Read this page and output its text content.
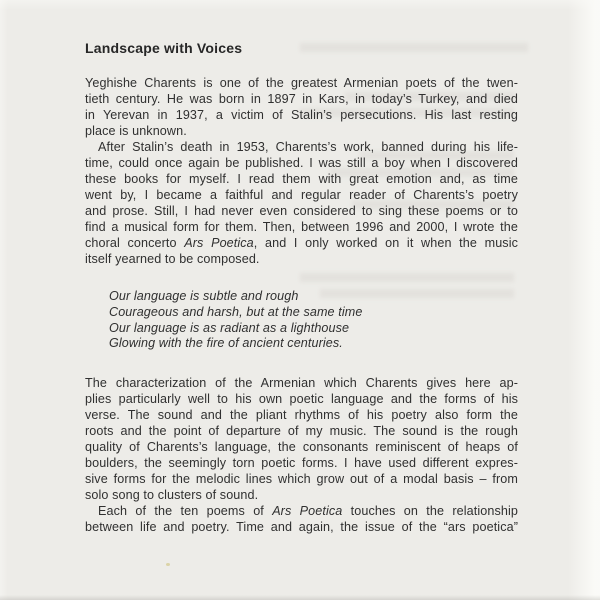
Landscape with Voices
Yeghishe Charents is one of the greatest Armenian poets of the twen-
tieth century. He was born in 1897 in Kars, in today’s Turkey, and died
in Yerevan in 1937, a victim of Stalin’s persecutions. His last resting
place is unknown.
After Stalin’s death in 1953, Charents’s work, banned during his life-
time, could once again be published. I was still a boy when I discovered
these books for myself. I read them with great emotion and, as time
went by, I became a faithful and regular reader of Charents’s poetry
and prose. Still, I had never even considered to sing these poems or to
find a musical form for them. Then, between 1996 and 2000, I wrote the
choral concerto Ars Poetica, and I only worked on it when the music
itself yearned to be composed.
Our language is subtle and rough
Courageous and harsh, but at the same time
Our language is as radiant as a lighthouse
Glowing with the fire of ancient centuries.
The characterization of the Armenian which Charents gives here ap-
plies particularly well to his own poetic language and the forms of his
verse. The sound and the pliant rhythms of his poetry also form the
roots and the point of departure of my music. The sound is the rough
quality of Charents’s language, the consonants reminiscent of heaps of
boulders, the seemingly torn poetic forms. I have used different expres-
sive forms for the melodic lines which grow out of a modal basis – from
solo song to clusters of sound.
Each of the ten poems of Ars Poetica touches on the relationship
between life and poetry. Time and again, the issue of the “ars poetica”
